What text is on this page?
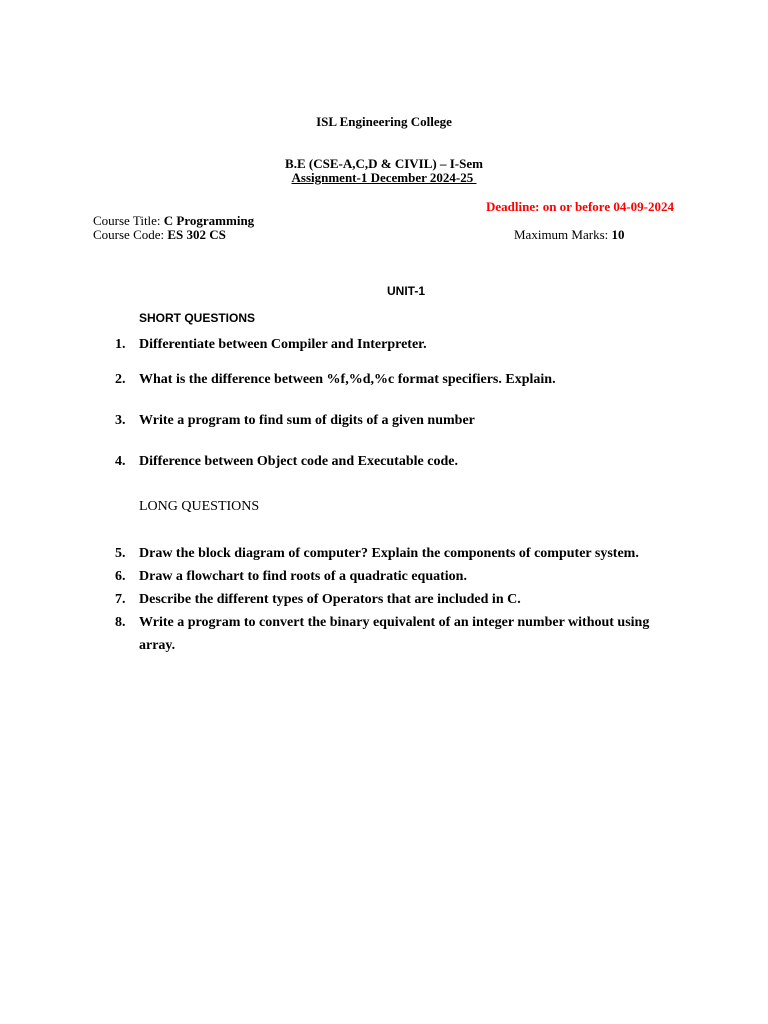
ISL Engineering College
B.E (CSE-A,C,D & CIVIL) – I-Sem
Assignment-1 December 2024-25
Deadline: on or before 04-09-2024
Course Title: C Programming
Course Code: ES 302 CS	Maximum Marks: 10
UNIT-1
SHORT QUESTIONS
1. Differentiate between Compiler and Interpreter.
2. What is the difference between %f,%d,%c format specifiers. Explain.
3. Write a program to find sum of digits of a given number
4. Difference between Object code and Executable code.
LONG QUESTIONS
5. Draw the block diagram of computer? Explain the components of computer system.
6. Draw a flowchart to find roots of a quadratic equation.
7. Describe the different types of Operators that are included in C.
8. Write a program to convert the binary equivalent of an integer number without using
array.
